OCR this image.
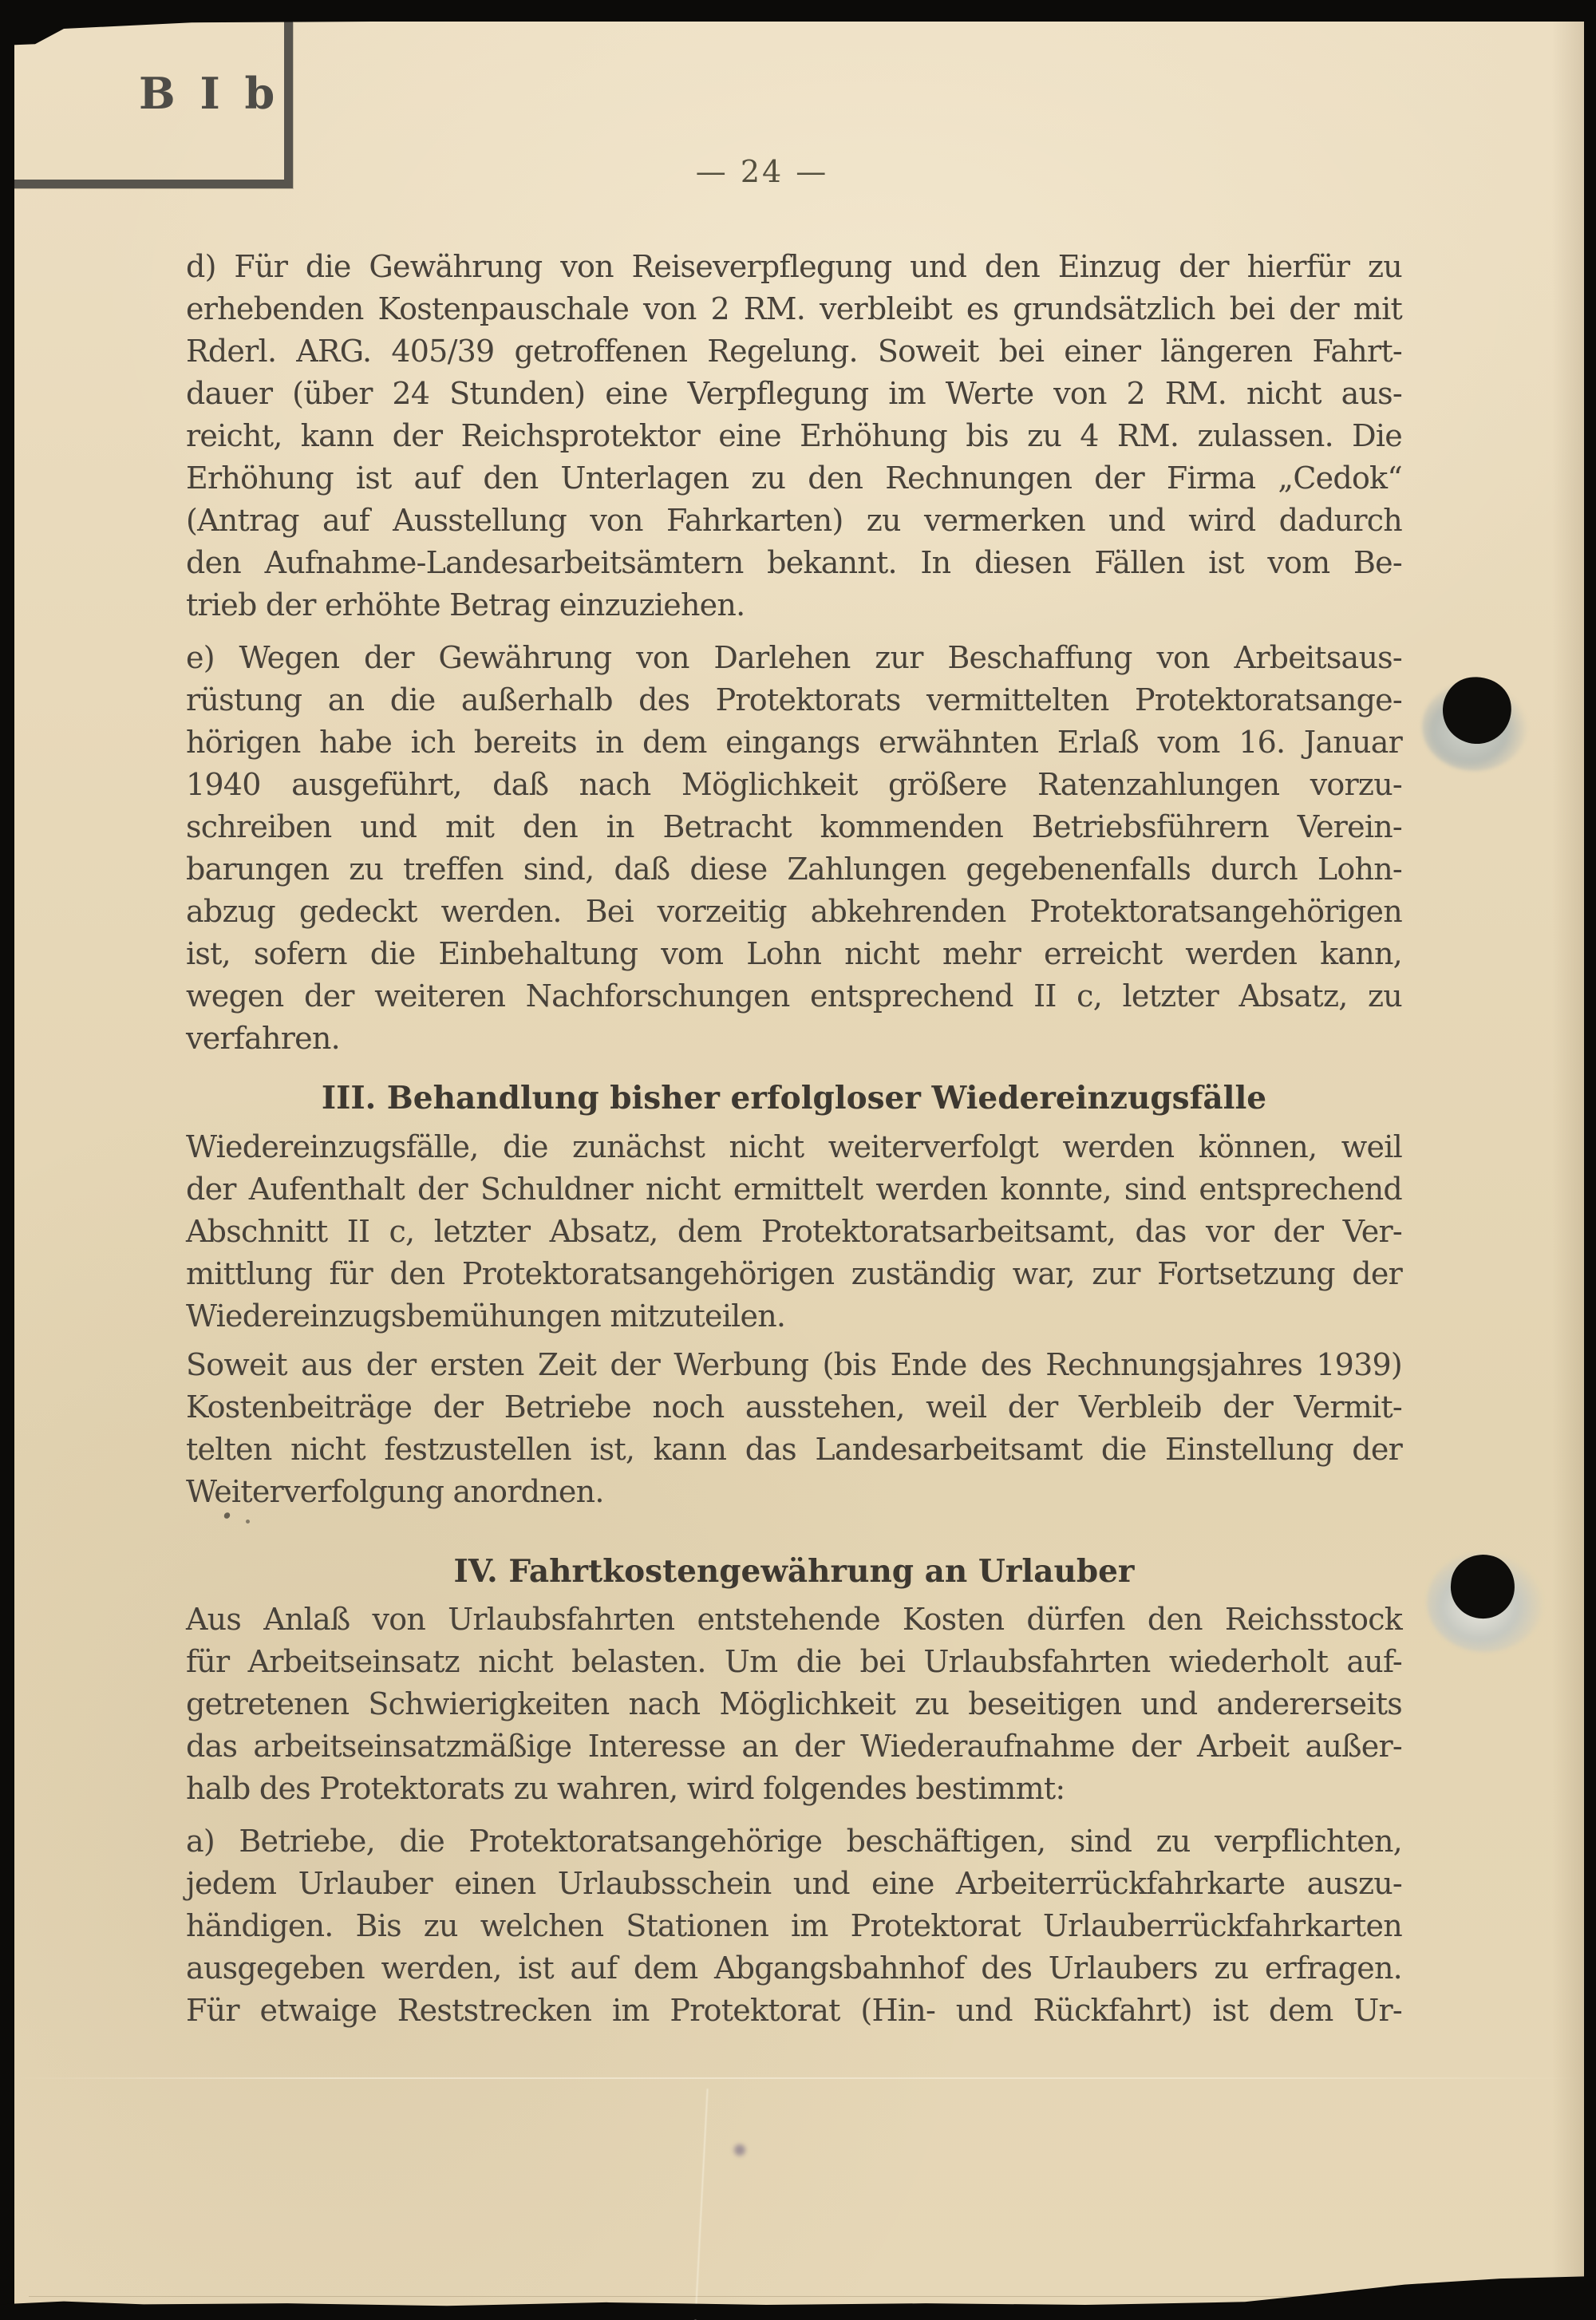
B I b
— 24 —
d) Für die Gewährung von Reiseverpflegung und den Einzug der hierfür zu
erhebenden Kostenpauschale von 2 RM. verbleibt es grundsätzlich bei der mit
Rderl. ARG. 405/39 getroffenen Regelung. Soweit bei einer längeren Fahrt-
dauer (über 24 Stunden) eine Verpflegung im Werte von 2 RM. nicht aus-
reicht, kann der Reichsprotektor eine Erhöhung bis zu 4 RM. zulassen. Die
Erhöhung ist auf den Unterlagen zu den Rechnungen der Firma „Cedok“
(Antrag auf Ausstellung von Fahrkarten) zu vermerken und wird dadurch
den Aufnahme-Landesarbeitsämtern bekannt. In diesen Fällen ist vom Be-
trieb der erhöhte Betrag einzuziehen.
e) Wegen der Gewährung von Darlehen zur Beschaffung von Arbeitsaus-
rüstung an die außerhalb des Protektorats vermittelten Protektoratsange-
hörigen habe ich bereits in dem eingangs erwähnten Erlaß vom 16. Januar
1940 ausgeführt, daß nach Möglichkeit größere Ratenzahlungen vorzu-
schreiben und mit den in Betracht kommenden Betriebsführern Verein-
barungen zu treffen sind, daß diese Zahlungen gegebenenfalls durch Lohn-
abzug gedeckt werden. Bei vorzeitig abkehrenden Protektoratsangehörigen
ist, sofern die Einbehaltung vom Lohn nicht mehr erreicht werden kann,
wegen der weiteren Nachforschungen entsprechend II c, letzter Absatz, zu
verfahren.
III. Behandlung bisher erfolgloser Wiedereinzugsfälle
Wiedereinzugsfälle, die zunächst nicht weiterverfolgt werden können, weil
der Aufenthalt der Schuldner nicht ermittelt werden konnte, sind entsprechend
Abschnitt II c, letzter Absatz, dem Protektoratsarbeitsamt, das vor der Ver-
mittlung für den Protektoratsangehörigen zuständig war, zur Fortsetzung der
Wiedereinzugsbemühungen mitzuteilen.
Soweit aus der ersten Zeit der Werbung (bis Ende des Rechnungsjahres 1939)
Kostenbeiträge der Betriebe noch ausstehen, weil der Verbleib der Vermit-
telten nicht festzustellen ist, kann das Landesarbeitsamt die Einstellung der
Weiterverfolgung anordnen.
IV. Fahrtkostengewährung an Urlauber
Aus Anlaß von Urlaubsfahrten entstehende Kosten dürfen den Reichsstock
für Arbeitseinsatz nicht belasten. Um die bei Urlaubsfahrten wiederholt auf-
getretenen Schwierigkeiten nach Möglichkeit zu beseitigen und andererseits
das arbeitseinsatzmäßige Interesse an der Wiederaufnahme der Arbeit außer-
halb des Protektorats zu wahren, wird folgendes bestimmt:
a) Betriebe, die Protektoratsangehörige beschäftigen, sind zu verpflichten,
jedem Urlauber einen Urlaubsschein und eine Arbeiterrückfahrkarte auszu-
händigen. Bis zu welchen Stationen im Protektorat Urlauberrückfahrkarten
ausgegeben werden, ist auf dem Abgangsbahnhof des Urlaubers zu erfragen.
Für etwaige Reststrecken im Protektorat (Hin- und Rückfahrt) ist dem Ur-
